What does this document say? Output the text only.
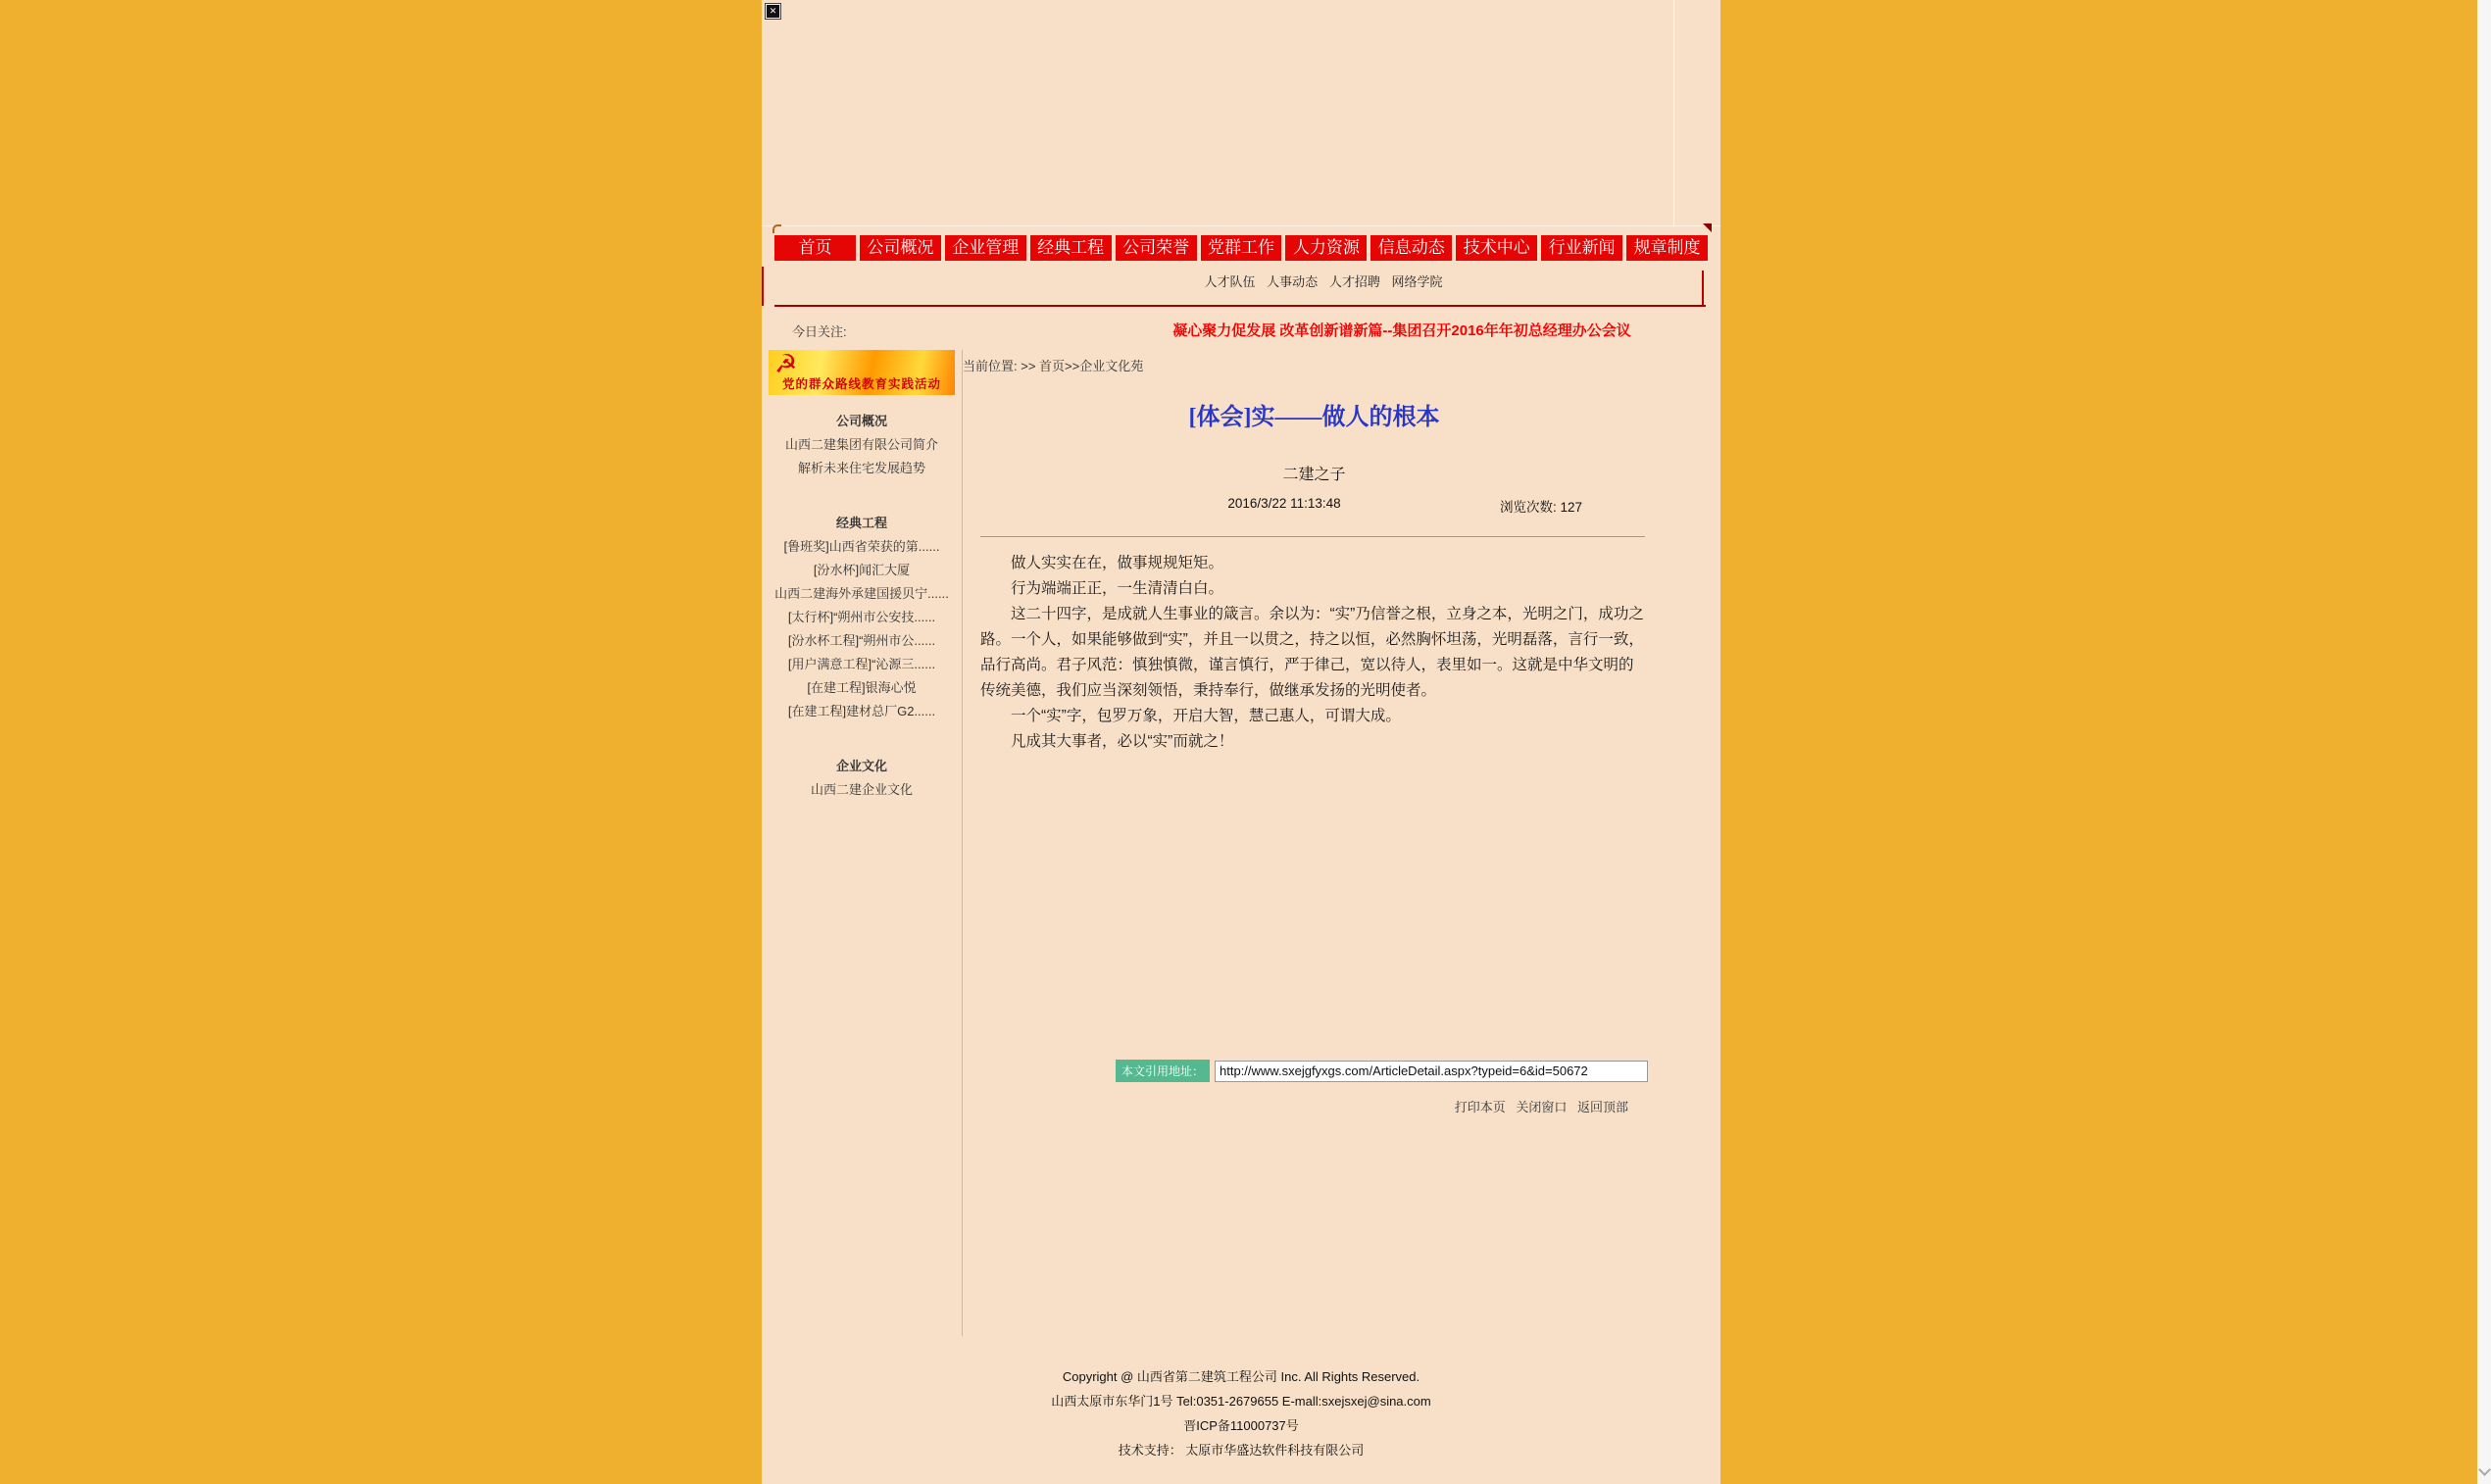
✕
首页	公司概况	企业管理	经典工程	公司荣誉	党群工作	人力资源	信息动态	技术中心	行业新闻	规章制度
人才队伍 人事动态 人才招聘 网络学院
今日关注:	凝心聚力促发展 改革创新谱新篇--集团召开2016年年初总经理办公会议
☭
党的群众路线教育实践活动
公司概况
山西二建集团有限公司简介
解析未来住宅发展趋势
经典工程
[鲁班奖]山西省荣获的第......
[汾水杯]闻汇大厦
山西二建海外承建国援贝宁......
[太行杯]“朔州市公安技......
[汾水杯工程]“朔州市公......
[用户满意工程]“沁源三......
[在建工程]银海心悦
[在建工程]建材总厂G2......
企业文化
山西二建企业文化
当前位置: >> 首页>>企业文化苑
[体会]实——做人的根本
二建之子
2016/3/22 11:13:48	浏览次数: 127

做人实实在在，做事规规矩矩。

行为端端正正，一生清清白白。

这二十四字，是成就人生事业的箴言。余以为：“实”乃信誉之根，立身之本，光明之门，成功之路。一个人，如果能够做到“实”，并且一以贯之，持之以恒，必然胸怀坦荡，光明磊落，言行一致，品行高尚。君子风范：慎独慎微，谨言慎行，严于律己，宽以待人，表里如一。这就是中华文明的传统美德，我们应当深刻领悟，秉持奉行，做继承发扬的光明使者。

一个“实”字，包罗万象，开启大智，慧己惠人，可谓大成。

凡成其大事者，必以“实”而就之！

本文引用地址：
http://www.sxejgfyxgs.com/ArticleDetail.aspx?typeid=6&id=50672
打印本页 关闭窗口 返回顶部
Copyright @ 山西省第二建筑工程公司 Inc. All Rights Reserved.
山西太原市东华门1号 Tel:0351-2679655 E-mall:sxejsxej@sina.com
晋ICP备11000737号
技术支持： 太原市华盛达软件科技有限公司
